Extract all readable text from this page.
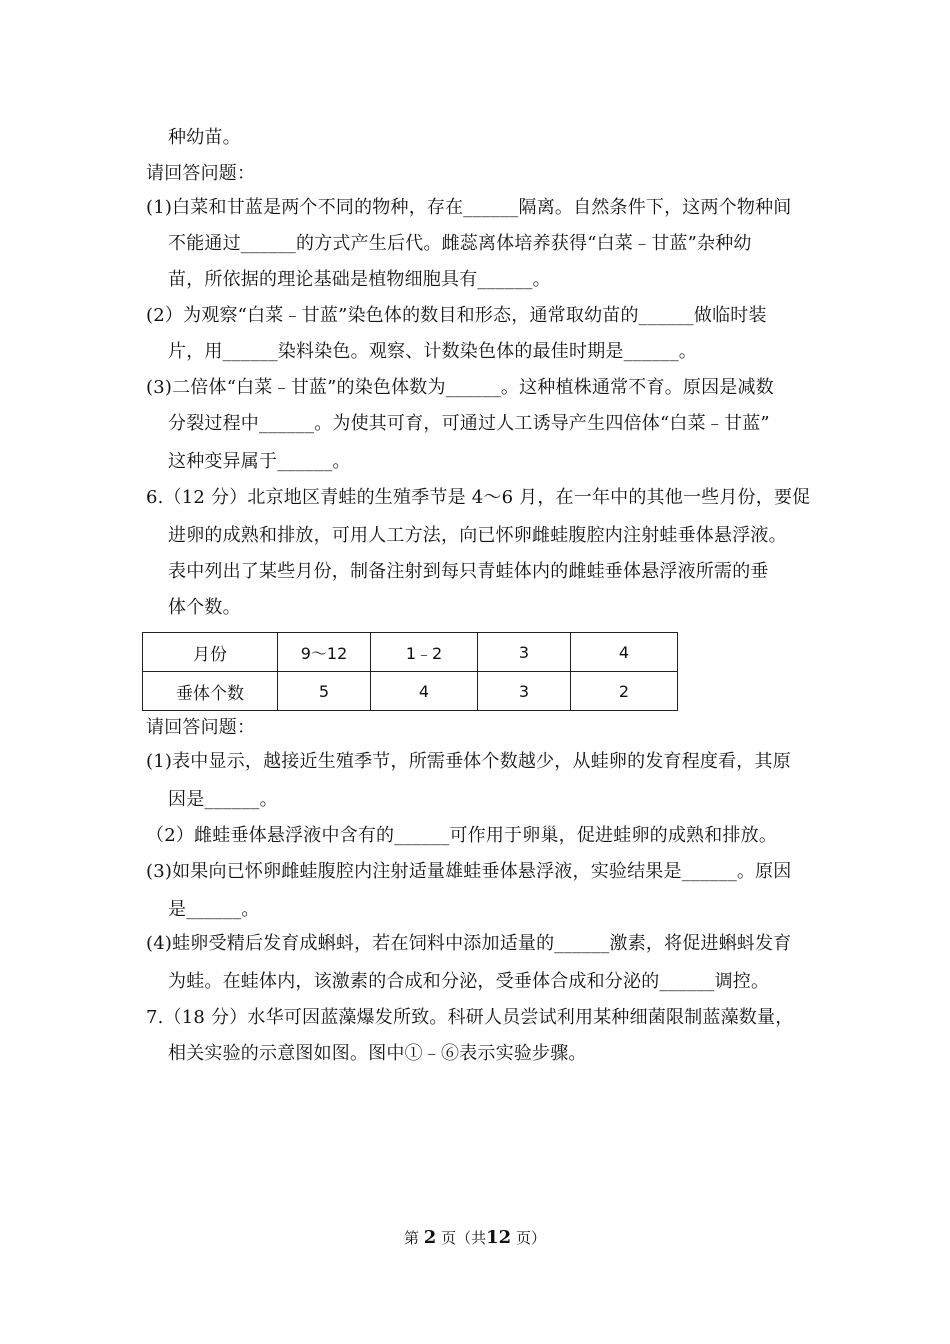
种幼苗。
请回答问题：
(1)白菜和甘蓝是两个不同的物种，存在______隔离。自然条件下，这两个物种间
不能通过______的方式产生后代。雌蕊离体培养获得“白菜﹣甘蓝”杂种幼
苗，所依据的理论基础是植物细胞具有______。
(2）为观察“白菜﹣甘蓝”染色体的数目和形态，通常取幼苗的______做临时装
片，用______染料染色。观察、计数染色体的最佳时期是______。
(3)二倍体“白菜﹣甘蓝”的染色体数为______。这种植株通常不育。原因是减数
分裂过程中______。为使其可育，可通过人工诱导产生四倍体“白菜﹣甘蓝”
这种变异属于______。
6.（12 分）北京地区青蛙的生殖季节是 4～6 月，在一年中的其他一些月份，要促
进卵的成熟和排放，可用人工方法，向已怀卵雌蛙腹腔内注射蛙垂体悬浮液。
表中列出了某些月份，制备注射到每只青蛙体内的雌蛙垂体悬浮液所需的垂
体个数。
月份	9～12	1﹣2	3	4
垂体个数	5	4	3	2
请回答问题：
(1)表中显示，越接近生殖季节，所需垂体个数越少，从蛙卵的发育程度看，其原
因是______。
（2）雌蛙垂体悬浮液中含有的______可作用于卵巢，促进蛙卵的成熟和排放。
(3)如果向已怀卵雌蛙腹腔内注射适量雄蛙垂体悬浮液，实验结果是______。原因
是______。
(4)蛙卵受精后发育成蝌蚪，若在饲料中添加适量的______激素，将促进蝌蚪发育
为蛙。在蛙体内，该激素的合成和分泌，受垂体合成和分泌的______调控。
7.（18 分）水华可因蓝藻爆发所致。科研人员尝试利用某种细菌限制蓝藻数量，
相关实验的示意图如图。图中①﹣⑥表示实验步骤。
第 2 页（共12 页）
